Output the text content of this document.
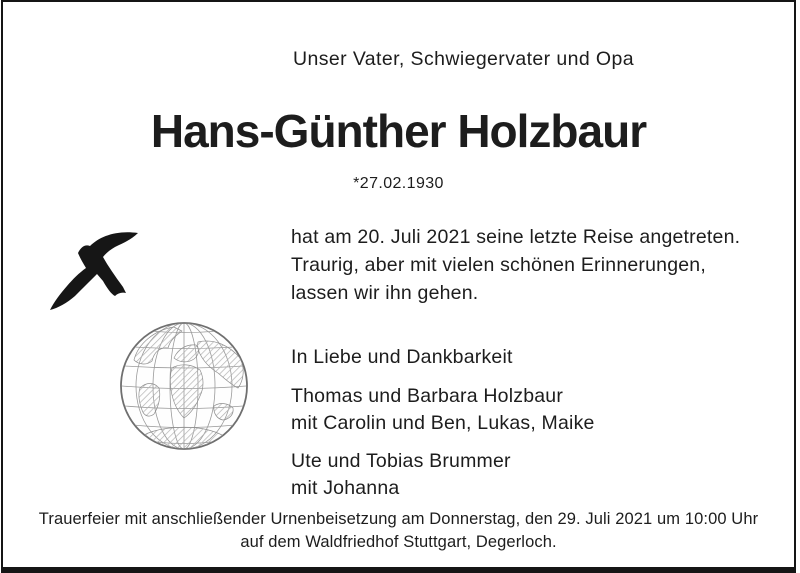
Unser Vater, Schwiegervater und Opa
Hans-Günther Holzbaur
*27.02.1930
hat am 20. Juli 2021 seine letzte Reise angetreten.
Traurig, aber mit vielen schönen Erinnerungen,
lassen wir ihn gehen.
In Liebe und Dankbarkeit
Thomas und Barbara Holzbaur
mit Carolin und Ben, Lukas, Maike
Ute und Tobias Brummer
mit Johanna
Trauerfeier mit anschließender Urnenbeisetzung am Donnerstag, den 29. Juli 2021 um 10:00 Uhr
auf dem Waldfriedhof Stuttgart, Degerloch.
